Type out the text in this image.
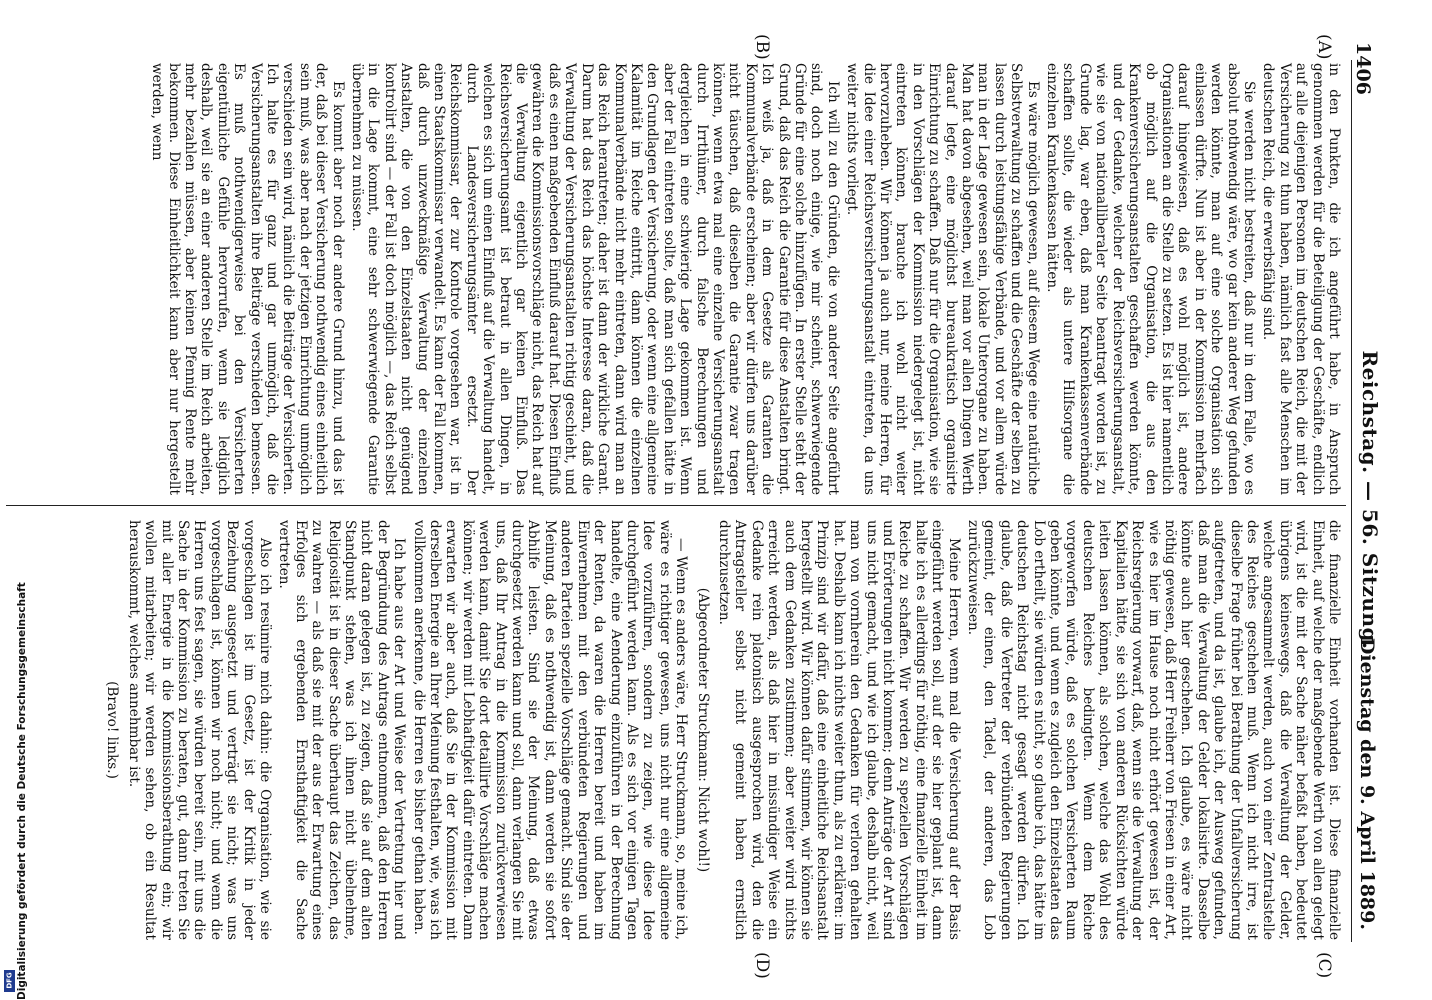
1406
Reichstag. — 56. Sitzung.
Dienstag den 9. April 1889.
(A)
(B)
(C)
(D)

in den Punkten, die ich angeführt habe, in Anspruch genommen werden für die Beteiligung der Geschäfte, endlich auf alle diejenigen Personen im deutschen Reich, die mit der Versicherung zu thun haben, nämlich fast alle Menschen im deutschen Reich, die erwerbsfähig sind.

Sie werden nicht bestreiten, daß nur in dem Falle, wo es absolut nothwendig wäre, wo gar kein anderer Weg gefunden werden könnte, man auf eine solche Organisation sich einlassen dürfte. Nun ist aber in der Kommission mehrfach darauf hingewiesen, daß es wohl möglich ist, andere Organisationen an die Stelle zu setzen. Es ist hier namentlich ob möglich auf die Organisation, die aus den Krankenversicherungsanstalten geschaffen werden könnte, und der Gedanke, welcher der Reichsversicherungsanstalt, wie sie von nationalliberaler Seite beantragt worden ist, zu Grunde lag, war eben, daß man Krankenkassenverbände schaffen sollte, die wieder als untere Hilfsorgane die einzelnen Krankenkassen hätten.

Es wäre möglich gewesen, auf diesem Wege eine natürliche Selbstverwaltung zu schaffen und die Geschäfte der selben zu lassen durch leistungsfähige Verbände, und vor allem würde man in der Lage gewesen sein, lokale Unterorgane zu haben. Man hat davon abgesehen, weil man vor allen Dingen Werth darauf legte, eine möglichst bureaukratisch organisirte Einrichtung zu schaffen. Daß nur für die Organisation, wie sie in den Vorschlägen der Kommission niedergelegt ist, nicht eintreten können, brauche ich wohl nicht weiter hervorzuheben. Wir können ja auch nur, meine Herren, für die Idee einer Reichsversicherungsanstalt eintreten, da uns weiter nichts vorliegt.

Ich will zu den Gründen, die von anderer Seite angeführt sind, doch noch einige, wie mir scheint, schwerwiegende Gründe für eine solche hinzufügen. In erster Stelle steht der Grund, daß das Reich die Garantie für diese Anstalten bringt. Ich weiß ja, daß in dem Gesetze als Garanten die Kommunalverbände erscheinen; aber wir dürfen uns darüber nicht täuschen, daß dieselben die Garantie zwar tragen können, wenn etwa mal eine einzelne Versicherungsanstalt durch Irrthümer, durch falsche Berechnungen und dergleichen in eine schwierige Lage gekommen ist. Wenn aber der Fall eintreten sollte, daß man sich gefallen hätte in den Grundlagen der Versicherung, oder wenn eine allgemeine Kalamität im Reiche eintritt, dann können die einzelnen Kommunalverbände nicht mehr eintreten, dann wird man an das Reich herantreten; daher ist dann der wirkliche Garant. Darum hat das Reich das höchste Interesse daran, daß die Verwaltung der Versicherungsanstalten richtig geschieht, und daß es einen maßgebenden Einfluß darauf hat. Diesen Einfluß gewähren die Kommissionsvorschläge nicht, das Reich hat auf die Verwaltung eigentlich gar keinen Einfluß. Das Reichsversicherungsamt ist betraut in allen Dingen, in welchen es sich um einen Einfluß auf die Verwaltung handelt, durch Landesversicherungsämter ersetzt. Der Reichskommissar, der zur Kontrole vorgesehen war, ist in einen Staatskommissar verwandelt. Es kann der Fall kommen, daß durch unzweckmäßige Verwaltung der einzelnen Anstalten, die von den Einzelstaaten nicht genügend kontrolirt sind — der Fall ist doch möglich —, das Reich selbst in die Lage kommt, eine sehr schwerwiegende Garantie übernehmen zu müssen.

Es kommt aber noch der andere Grund hinzu, und das ist der, daß bei dieser Versicherung nothwendig eines einheitlich sein muß, was aber nach der jetzigen Einrichtung unmöglich verschieden sein wird, nämlich die Beiträge der Versicherten. Ich halte es für ganz und gar unmöglich, daß die Versicherungsanstalten ihre Beiträge verschieden bemessen. Es muß nothwendigerweise bei den Versicherten eigentümliche Gefühle hervorrufen, wenn sie lediglich deshalb, weil sie an einer anderen Stelle im Reich arbeiten, mehr bezahlen müssen, aber keinen Pfennig Rente mehr bekommen. Diese Einheitlichkeit kann aber nur hergestellt werden, wenn

die finanzielle Einheit vorhanden ist. Diese finanzielle Einheit, auf welche der maßgebende Werth von allen gelegt wird, ist die mit der Sache näher befaßt haben, bedeutet übrigens keineswegs, daß die Verwaltung der Gelder, welche angesammelt werden, auch von einer Zentralstelle des Reiches geschehen muß. Wenn ich nicht irre, ist dieselbe Frage früher bei Berathung der Unfallversicherung aufgetreten, und da ist, glaube ich, der Ausweg gefunden, daß man die Verwaltung der Gelder lokalisirte. Dasselbe könnte auch hier geschehen. Ich glaube, es wäre nicht nöthig gewesen, daß Herr Freiherr von Friesen in einer Art, wie es hier im Hause noch nicht erhört gewesen ist, der Reichsregierung vorwarf, daß, wenn sie die Verwaltung der Kapitalien hätte, sie sich von anderen Rücksichten würde leiten lassen können, als solchen, welche das Wohl des deutschen Reiches bedingten. Wenn dem Reiche vorgeworfen würde, daß es solchen Versicherten Raum geben könnte, und wenn es zugleich den Einzelstaaten das Lob ertheilt, sie würden es nicht, so glaube ich, das hätte im deutschen Reichstag nicht gesagt werden dürfen. Ich glaube, daß die Vertreter der verbündeten Regierungen gemeint, der einen, den Tadel, der anderen, das Lob zurückzuweisen.

Meine Herren, wenn mal die Versicherung auf der Basis eingeführt werden soll, auf der sie hier geplant ist, dann halte ich es allerdings für nöthig, eine finanzielle Einheit im Reiche zu schaffen. Wir werden zu speziellen Vorschlägen und Erörterungen nicht kommen; denn Anträge der Art sind uns nicht gemacht, und wie ich glaube, deshalb nicht, weil man von vornherein den Gedanken für verloren gehalten hat. Deshalb kann ich nichts weiter thun, als zu erklären: im Prinzip sind wir dafür, daß eine einheitliche Reichsanstalt hergestellt wird. Wir können dafür stimmen, wir können sie auch dem Gedanken zustimmen; aber weiter wird nichts erreicht werden, als daß hier in missündiger Weise ein Gedanke rein platonisch ausgesprochen wird, den die Antragsteller selbst nicht gemeint haben ernstlich durchzusetzen.

(Abgeordneter Struckmann: Nicht wohl!)

— Wenn es anders wäre, Herr Struckmann, so, meine ich, wäre es richtiger gewesen, uns nicht nur eine allgemeine Idee vorzuführen, sondern zu zeigen, wie diese Idee durchgeführt werden kann. Als es sich vor einigen Tagen handelte, eine Aenderung einzuführen in der Berechnung der Renten, da waren die Herren bereit und haben im Einvernehmen mit den verbündeten Regierungen und anderen Parteien spezielle Vorschläge gemacht. Sind sie der Meinung, daß es nothwendig ist, dann werden sie sofort Abhilfe leisten. Sind sie der Meinung, daß etwas durchgesetzt werden kann und soll, dann verlangen Sie mit uns, daß Ihr Antrag in die Kommission zurückverwiesen werden kann, damit Sie dort detaillirte Vorschläge machen können; wir werden mit Lebhaftigkeit dafür eintreten. Dann erwarten wir aber auch, daß Sie in der Kommission mit derselben Energie an Ihrer Meinung festhalten, wie, was ich vollkommen anerkenne, die Herren es bisher gethan haben.

Ich habe aus der Art und Weise der Vertretung hier und der Begründung des Antrags entnommen, daß den Herren nicht daran gelegen ist, zu zeigen, daß sie auf dem alten Standpunkt stehen, was ich ihnen nicht übelnehme, Religiosität ist in dieser Sache überhaupt das Zeichen, das zu wahren — als daß sie mit der aus der Erwartung eines Erfolges sich ergebenden Ernsthaftigkeit die Sache vertreten.

Also ich resümire mich dahin: die Organisation, wie sie vorgeschlagen ist im Gesetz, ist der Kritik in jeder Beziehung ausgesetzt und verträgt sie nicht; was uns vorgeschlagen ist, können wir noch nicht; und wenn die Herren uns fest sagen, sie würden bereit sein, mit uns die Sache in der Kommission zu beraten, gut, dann treten Sie mit aller Energie in die Kommissionsberathung ein; wir wollen mitarbeiten; wir werden sehen, ob ein Resultat herauskommt, welches annehmbar ist.

(Bravo! links.)

DFG Digitalisierung gefördert durch die Deutsche Forschungsgemeinschaft
